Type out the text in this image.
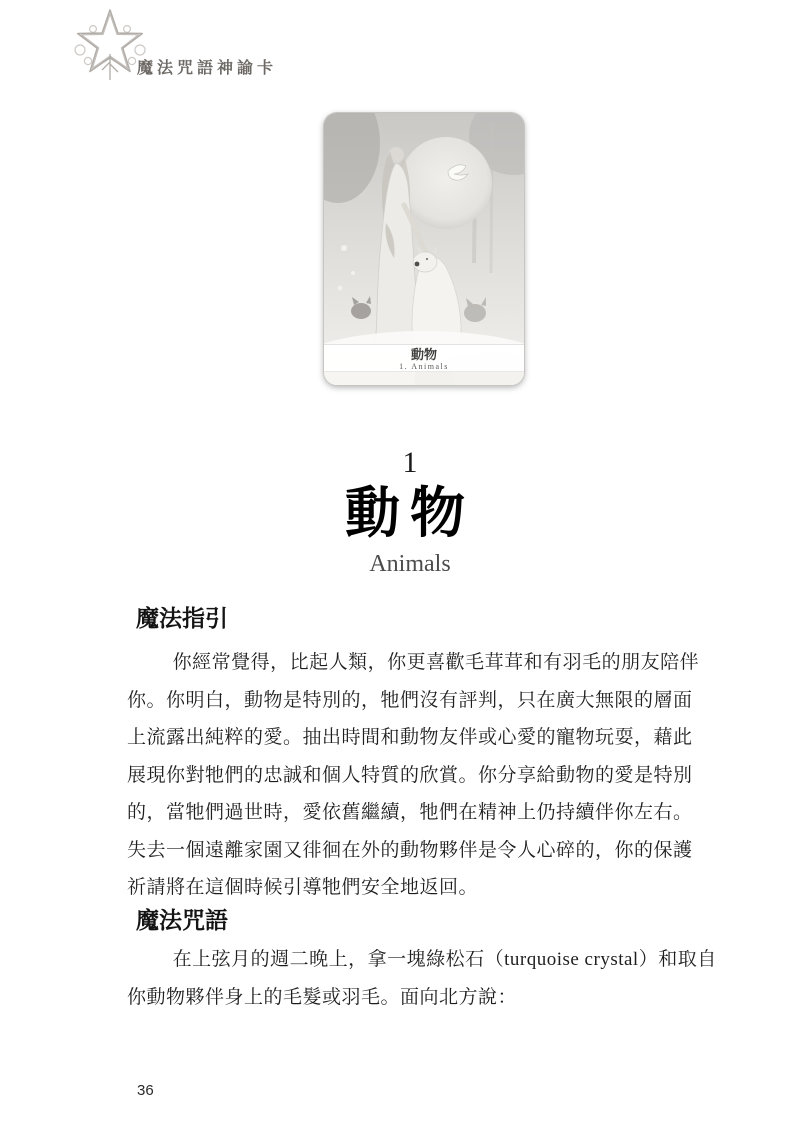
魔法咒語神諭卡
動物
1. Animals
1
動物
Animals
魔法指引
你經常覺得，比起人類，你更喜歡毛茸茸和有羽毛的朋友陪伴
你。你明白，動物是特別的，牠們沒有評判，只在廣大無限的層面
上流露出純粹的愛。抽出時間和動物友伴或心愛的寵物玩耍，藉此
展現你對牠們的忠誠和個人特質的欣賞。你分享給動物的愛是特別
的，當牠們過世時，愛依舊繼續，牠們在精神上仍持續伴你左右。
失去一個遠離家園又徘徊在外的動物夥伴是令人心碎的，你的保護
祈請將在這個時候引導牠們安全地返回。
魔法咒語
在上弦月的週二晚上，拿一塊綠松石（turquoise crystal）和取自
你動物夥伴身上的毛髮或羽毛。面向北方說：
36
